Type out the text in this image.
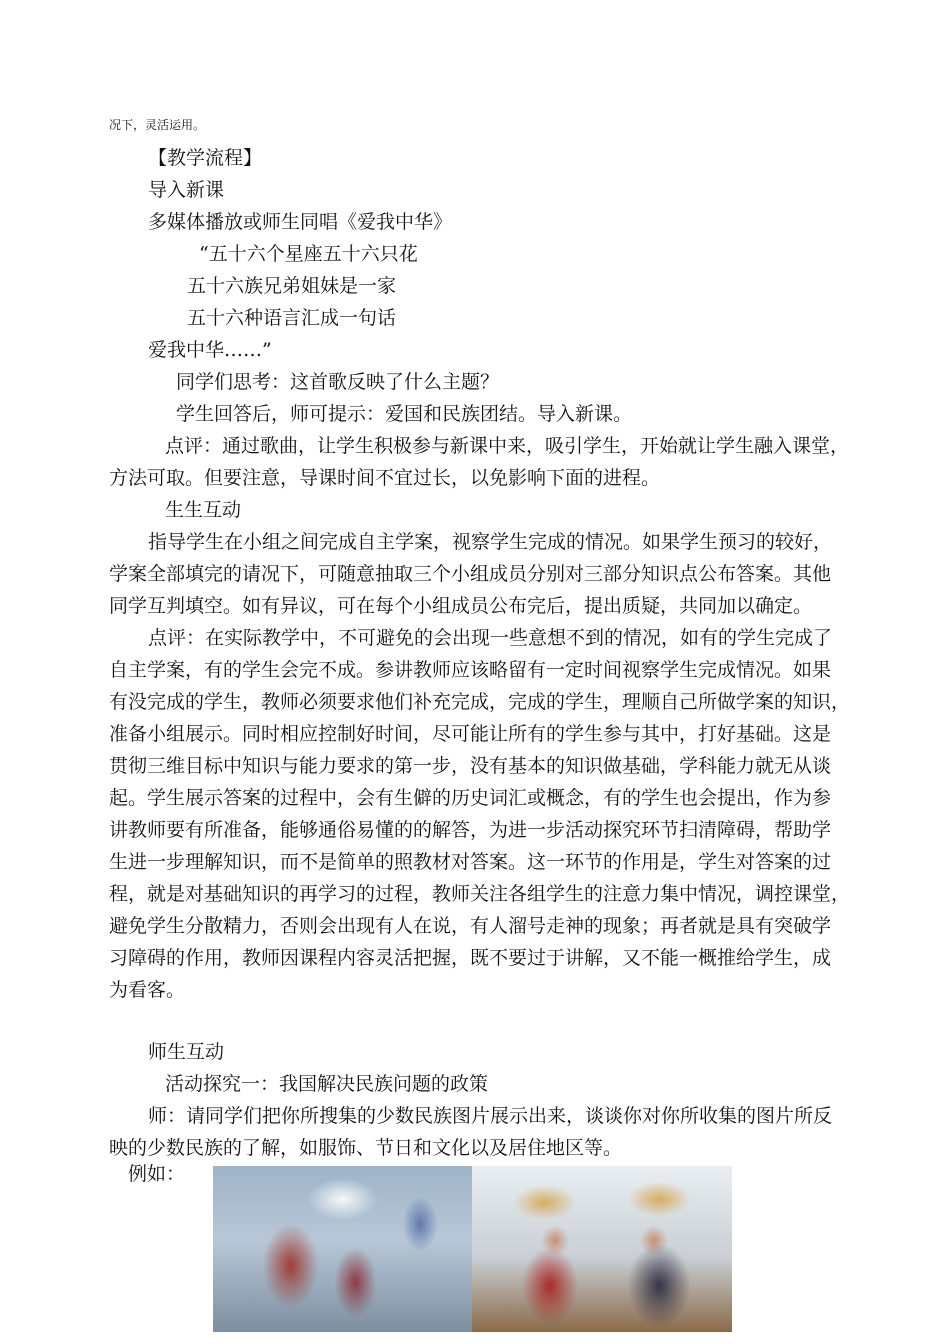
况下，灵活运用。
【教学流程】
导入新课
多媒体播放或师生同唱《爱我中华》
“五十六个星座五十六只花
五十六族兄弟姐妹是一家
五十六种语言汇成一句话
爱我中华……”
同学们思考：这首歌反映了什么主题？
学生回答后，师可提示：爱国和民族团结。导入新课。
点评：通过歌曲，让学生积极参与新课中来，吸引学生，开始就让学生融入课堂，
方法可取。但要注意，导课时间不宜过长，以免影响下面的进程。
生生互动
指导学生在小组之间完成自主学案，视察学生完成的情况。如果学生预习的较好，
学案全部填完的请况下，可随意抽取三个小组成员分别对三部分知识点公布答案。其他
同学互判填空。如有异议，可在每个小组成员公布完后，提出质疑，共同加以确定。
点评：在实际教学中，不可避免的会出现一些意想不到的情况，如有的学生完成了
自主学案，有的学生会完不成。参讲教师应该略留有一定时间视察学生完成情况。如果
有没完成的学生，教师必须要求他们补充完成，完成的学生，理顺自己所做学案的知识，
准备小组展示。同时相应控制好时间，尽可能让所有的学生参与其中，打好基础。这是
贯彻三维目标中知识与能力要求的第一步，没有基本的知识做基础，学科能力就无从谈
起。学生展示答案的过程中，会有生僻的历史词汇或概念，有的学生也会提出，作为参
讲教师要有所准备，能够通俗易懂的的解答，为进一步活动探究环节扫清障碍，帮助学
生进一步理解知识，而不是简单的照教材对答案。这一环节的作用是，学生对答案的过
程，就是对基础知识的再学习的过程，教师关注各组学生的注意力集中情况，调控课堂，
避免学生分散精力，否则会出现有人在说，有人溜号走神的现象；再者就是具有突破学
习障碍的作用，教师因课程内容灵活把握，既不要过于讲解，又不能一概推给学生，成
为看客。
师生互动
活动探究一：我国解决民族问题的政策
师：请同学们把你所搜集的少数民族图片展示出来，谈谈你对你所收集的图片所反
映的少数民族的了解，如服饰、节日和文化以及居住地区等。
例如：
